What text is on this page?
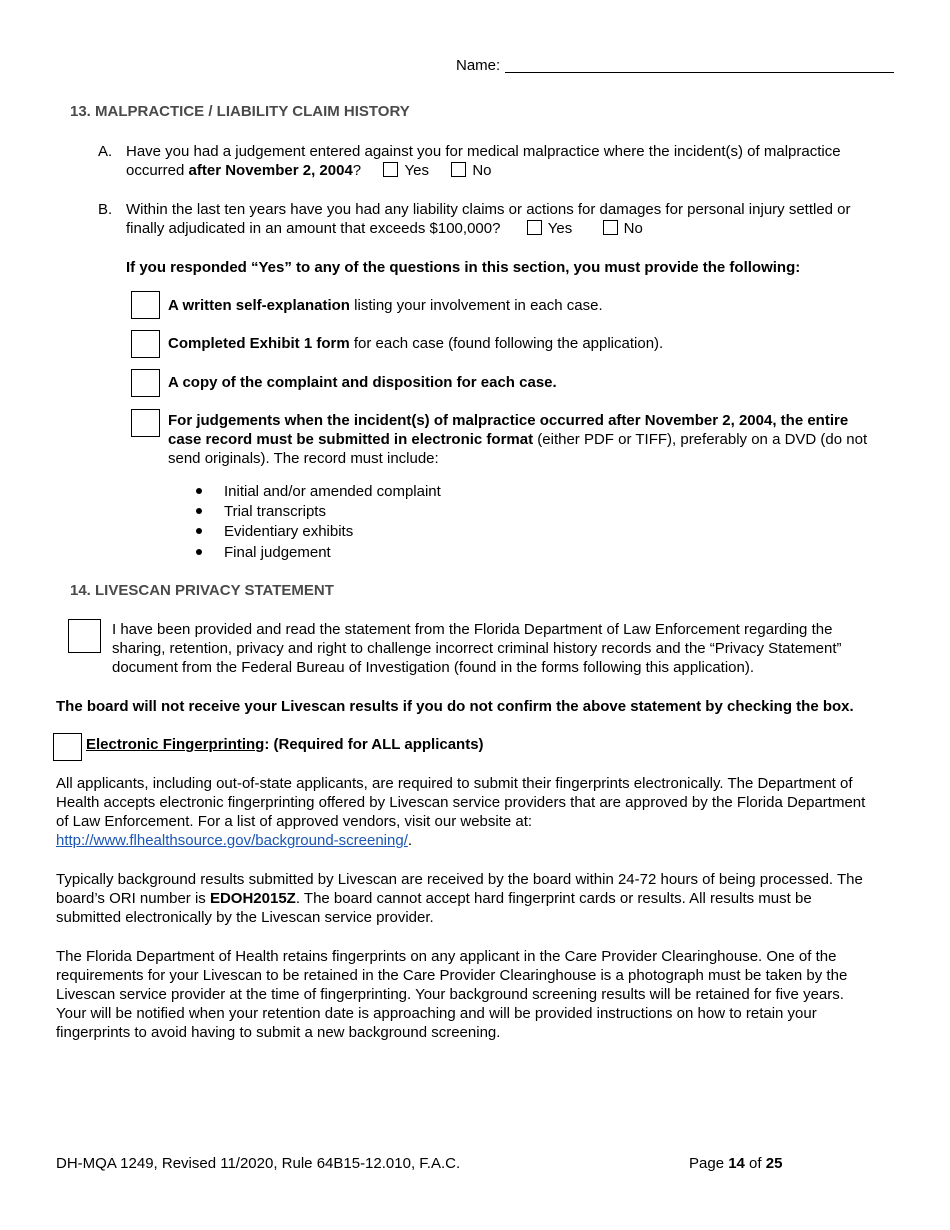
Name:
13. MALPRACTICE / LIABILITY CLAIM HISTORY
A. Have you had a judgement entered against you for medical malpractice where the incident(s) of malpractice
occurred after November 2, 2004?	Yes	No
B. Within the last ten years have you had any liability claims or actions for damages for personal injury settled or
finally adjudicated in an amount that exceeds $100,000?	Yes	No
If you responded “Yes” to any of the questions in this section, you must provide the following:
A written self-explanation listing your involvement in each case.
Completed Exhibit 1 form for each case (found following the application).
A copy of the complaint and disposition for each case.
For judgements when the incident(s) of malpractice occurred after November 2, 2004, the entire
case record must be submitted in electronic format (either PDF or TIFF), preferably on a DVD (do not
send originals). The record must include:
Initial and/or amended complaint
Trial transcripts
Evidentiary exhibits
Final judgement
14. LIVESCAN PRIVACY STATEMENT
I have been provided and read the statement from the Florida Department of Law Enforcement regarding the
sharing, retention, privacy and right to challenge incorrect criminal history records and the “Privacy Statement”
document from the Federal Bureau of Investigation (found in the forms following this application).
The board will not receive your Livescan results if you do not confirm the above statement by checking the box.
Electronic Fingerprinting: (Required for ALL applicants)
All applicants, including out-of-state applicants, are required to submit their fingerprints electronically. The Department of
Health accepts electronic fingerprinting offered by Livescan service providers that are approved by the Florida Department
of Law Enforcement. For a list of approved vendors, visit our website at:
http://www.flhealthsource.gov/background-screening/.
Typically background results submitted by Livescan are received by the board within 24-72 hours of being processed. The
board’s ORI number is EDOH2015Z. The board cannot accept hard fingerprint cards or results. All results must be
submitted electronically by the Livescan service provider.
The Florida Department of Health retains fingerprints on any applicant in the Care Provider Clearinghouse. One of the
requirements for your Livescan to be retained in the Care Provider Clearinghouse is a photograph must be taken by the
Livescan service provider at the time of fingerprinting. Your background screening results will be retained for five years.
Your will be notified when your retention date is approaching and will be provided instructions on how to retain your
fingerprints to avoid having to submit a new background screening.
DH-MQA 1249, Revised 11/2020, Rule 64B15-12.010, F.A.C.	Page 14 of 25
